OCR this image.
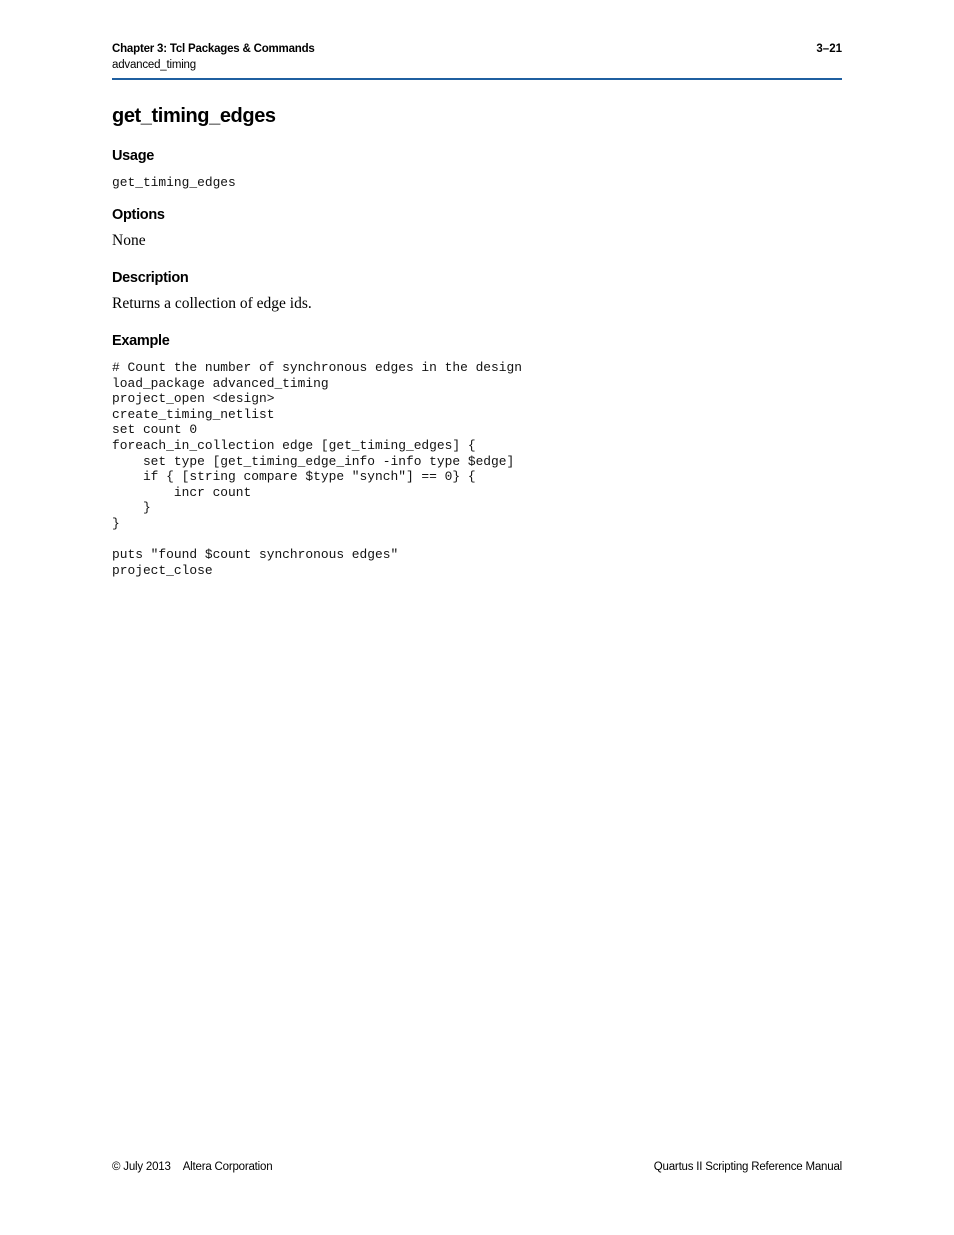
Chapter 3: Tcl Packages & Commands	3–21
advanced_timing
get_timing_edges
Usage
get_timing_edges
Options

None

Description

Returns a collection of edge ids.

Example
# Count the number of synchronous edges in the design
load_package advanced_timing
project_open <design>
create_timing_netlist
set count 0
foreach_in_collection edge [get_timing_edges] {
set type [get_timing_edge_info -info type $edge]
if { [string compare $type "synch"] == 0} {
incr count
}
}

puts "found $count synchronous edges"
project_close
© July 2013 Altera Corporation	Quartus II Scripting Reference Manual
